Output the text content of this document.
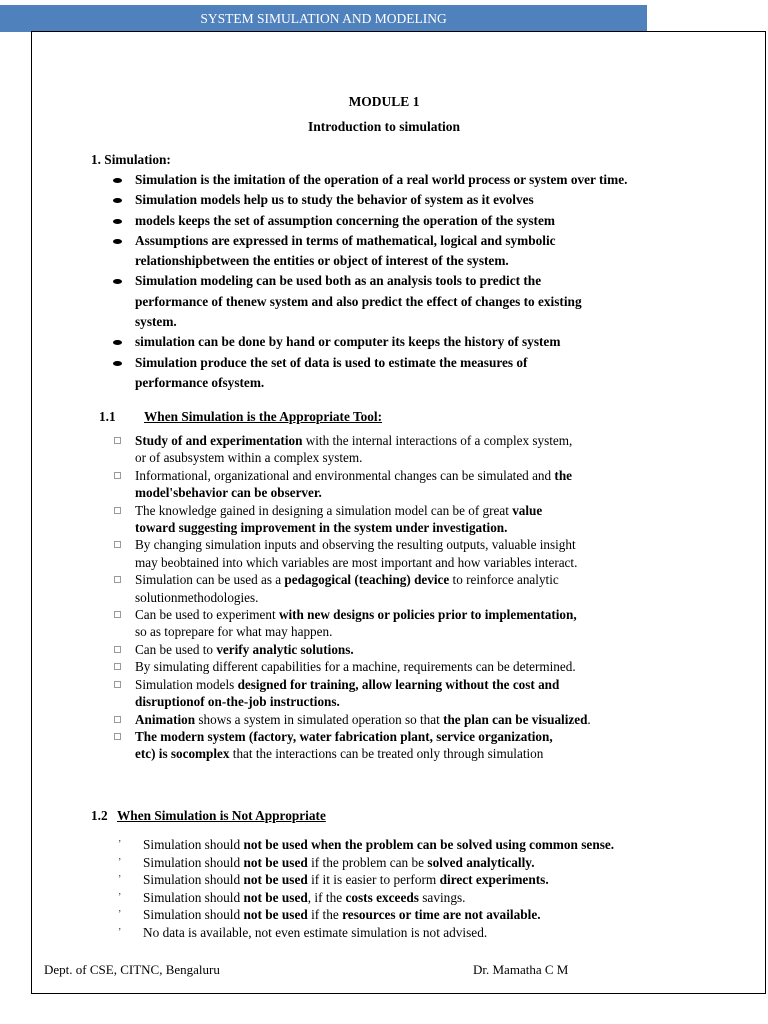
SYSTEM SIMULATION AND MODELING
MODULE 1
Introduction to simulation
1. Simulation:
Simulation is the imitation of the operation of a real world process or system over time.
Simulation models help us to study the behavior of system as it evolves
models keeps the set of assumption concerning the operation of the system
Assumptions are expressed in terms of mathematical, logical and symbolic
relationshipbetween the entities or object of interest of the system.
Simulation modeling can be used both as an analysis tools to predict the
performance of thenew system and also predict the effect of changes to existing
system.
simulation can be done by hand or computer its keeps the history of system
Simulation produce the set of data is used to estimate the measures of
performance ofsystem.
1.1 When Simulation is the Appropriate Tool:

Study of and experimentation with the internal interactions of a complex system,

or of asubsystem within a complex system.

Informational, organizational and environmental changes can be simulated and the

model'sbehavior can be observer.

The knowledge gained in designing a simulation model can be of great value

toward suggesting improvement in the system under investigation.

By changing simulation inputs and observing the resulting outputs, valuable insight

may beobtained into which variables are most important and how variables interact.

Simulation can be used as a pedagogical (teaching) device to reinforce analytic

solutionmethodologies.

Can be used to experiment with new designs or policies prior to implementation,

so as toprepare for what may happen.

Can be used to verify analytic solutions.

By simulating different capabilities for a machine, requirements can be determined.

Simulation models designed for training, allow learning without the cost and

disruptionof on-the-job instructions.

Animation shows a system in simulated operation so that the plan can be visualized.

The modern system (factory, water fabrication plant, service organization,

etc) is socomplex that the interactions can be treated only through simulation

1.2 When Simulation is Not Appropriate
ʼ Simulation should not be used when the problem can be solved using common sense.
ʼ Simulation should not be used if the problem can be solved analytically.
ʼ Simulation should not be used if it is easier to perform direct experiments.
ʼ Simulation should not be used, if the costs exceeds savings.
ʼ Simulation should not be used if the resources or time are not available.
ʼ No data is available, not even estimate simulation is not advised.
Dept. of CSE, CITNC, Bengaluru	Dr. Mamatha C M
